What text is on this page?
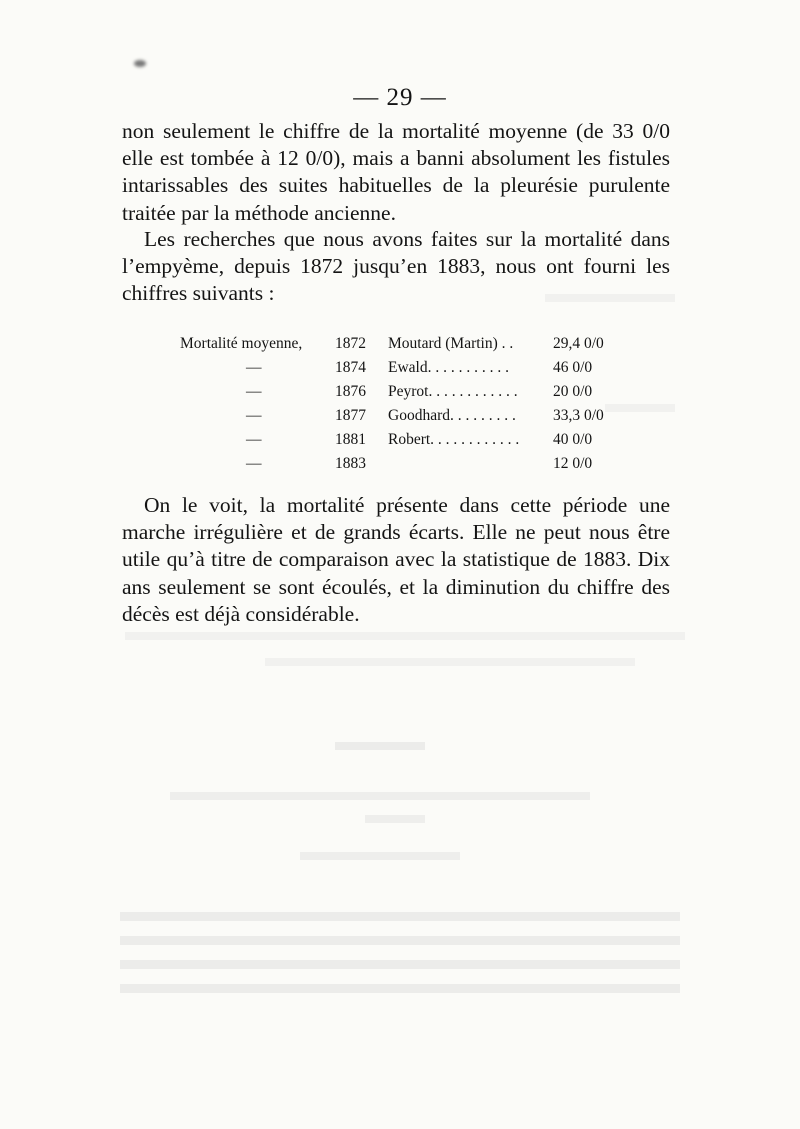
— 29 —

non seulement le chiffre de la mortalité moyenne (de 33 0/0 elle est tombée à 12 0/0), mais a banni absolument les fistules intarissables des suites habituelles de la pleurésie purulente traitée par la méthode ancienne.

Les recherches que nous avons faites sur la mortalité dans l’empyème, depuis 1872 jusqu’en 1883, nous ont fourni les chiffres suivants :

Mortalité moyenne, 1872 Moutard (Martin) . .	29,4 0/0
—	1874 Ewald. . . . . . . . . . .	46 0/0
—	1876 Peyrot. . . . . . . . . . . . 20 0/0
—	1877 Goodhard. . . . . . . . . 33,3 0/0
—	1881 Robert. . . . . . . . . . . . 40 0/0
—	1883	12 0/0

On le voit, la mortalité présente dans cette période une marche irrégulière et de grands écarts. Elle ne peut nous être utile qu’à titre de comparaison avec la statistique de 1883. Dix ans seulement se sont écoulés, et la diminution du chiffre des décès est déjà considérable.
